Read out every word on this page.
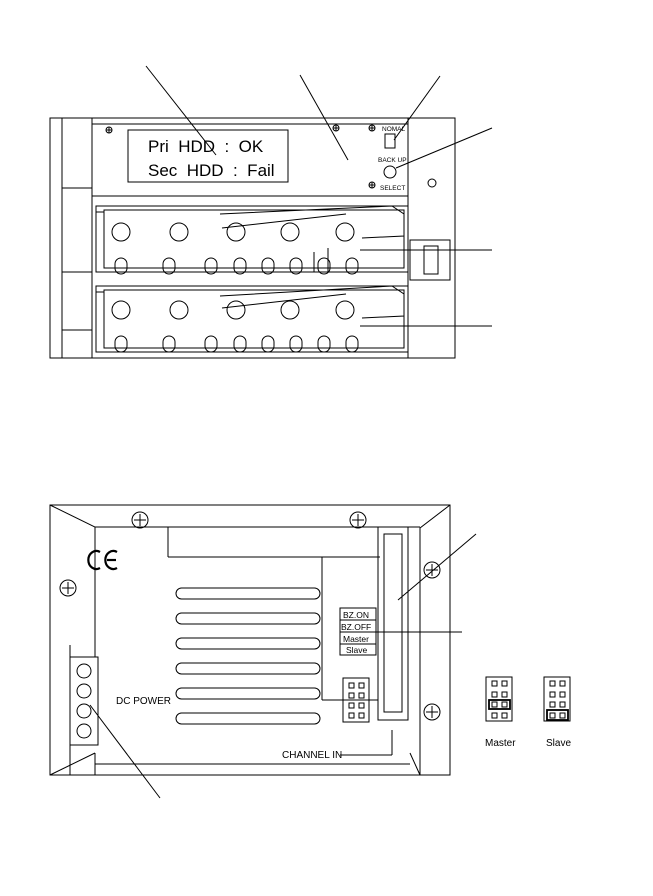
Pri  HDD  :  OK
Sec  HDD  :  Fail
NOMAL
BACK UP
SELECT
DC POWER
CHANNEL IN
BZ.ON
BZ.OFF
Master
Slave
Master	Slave
